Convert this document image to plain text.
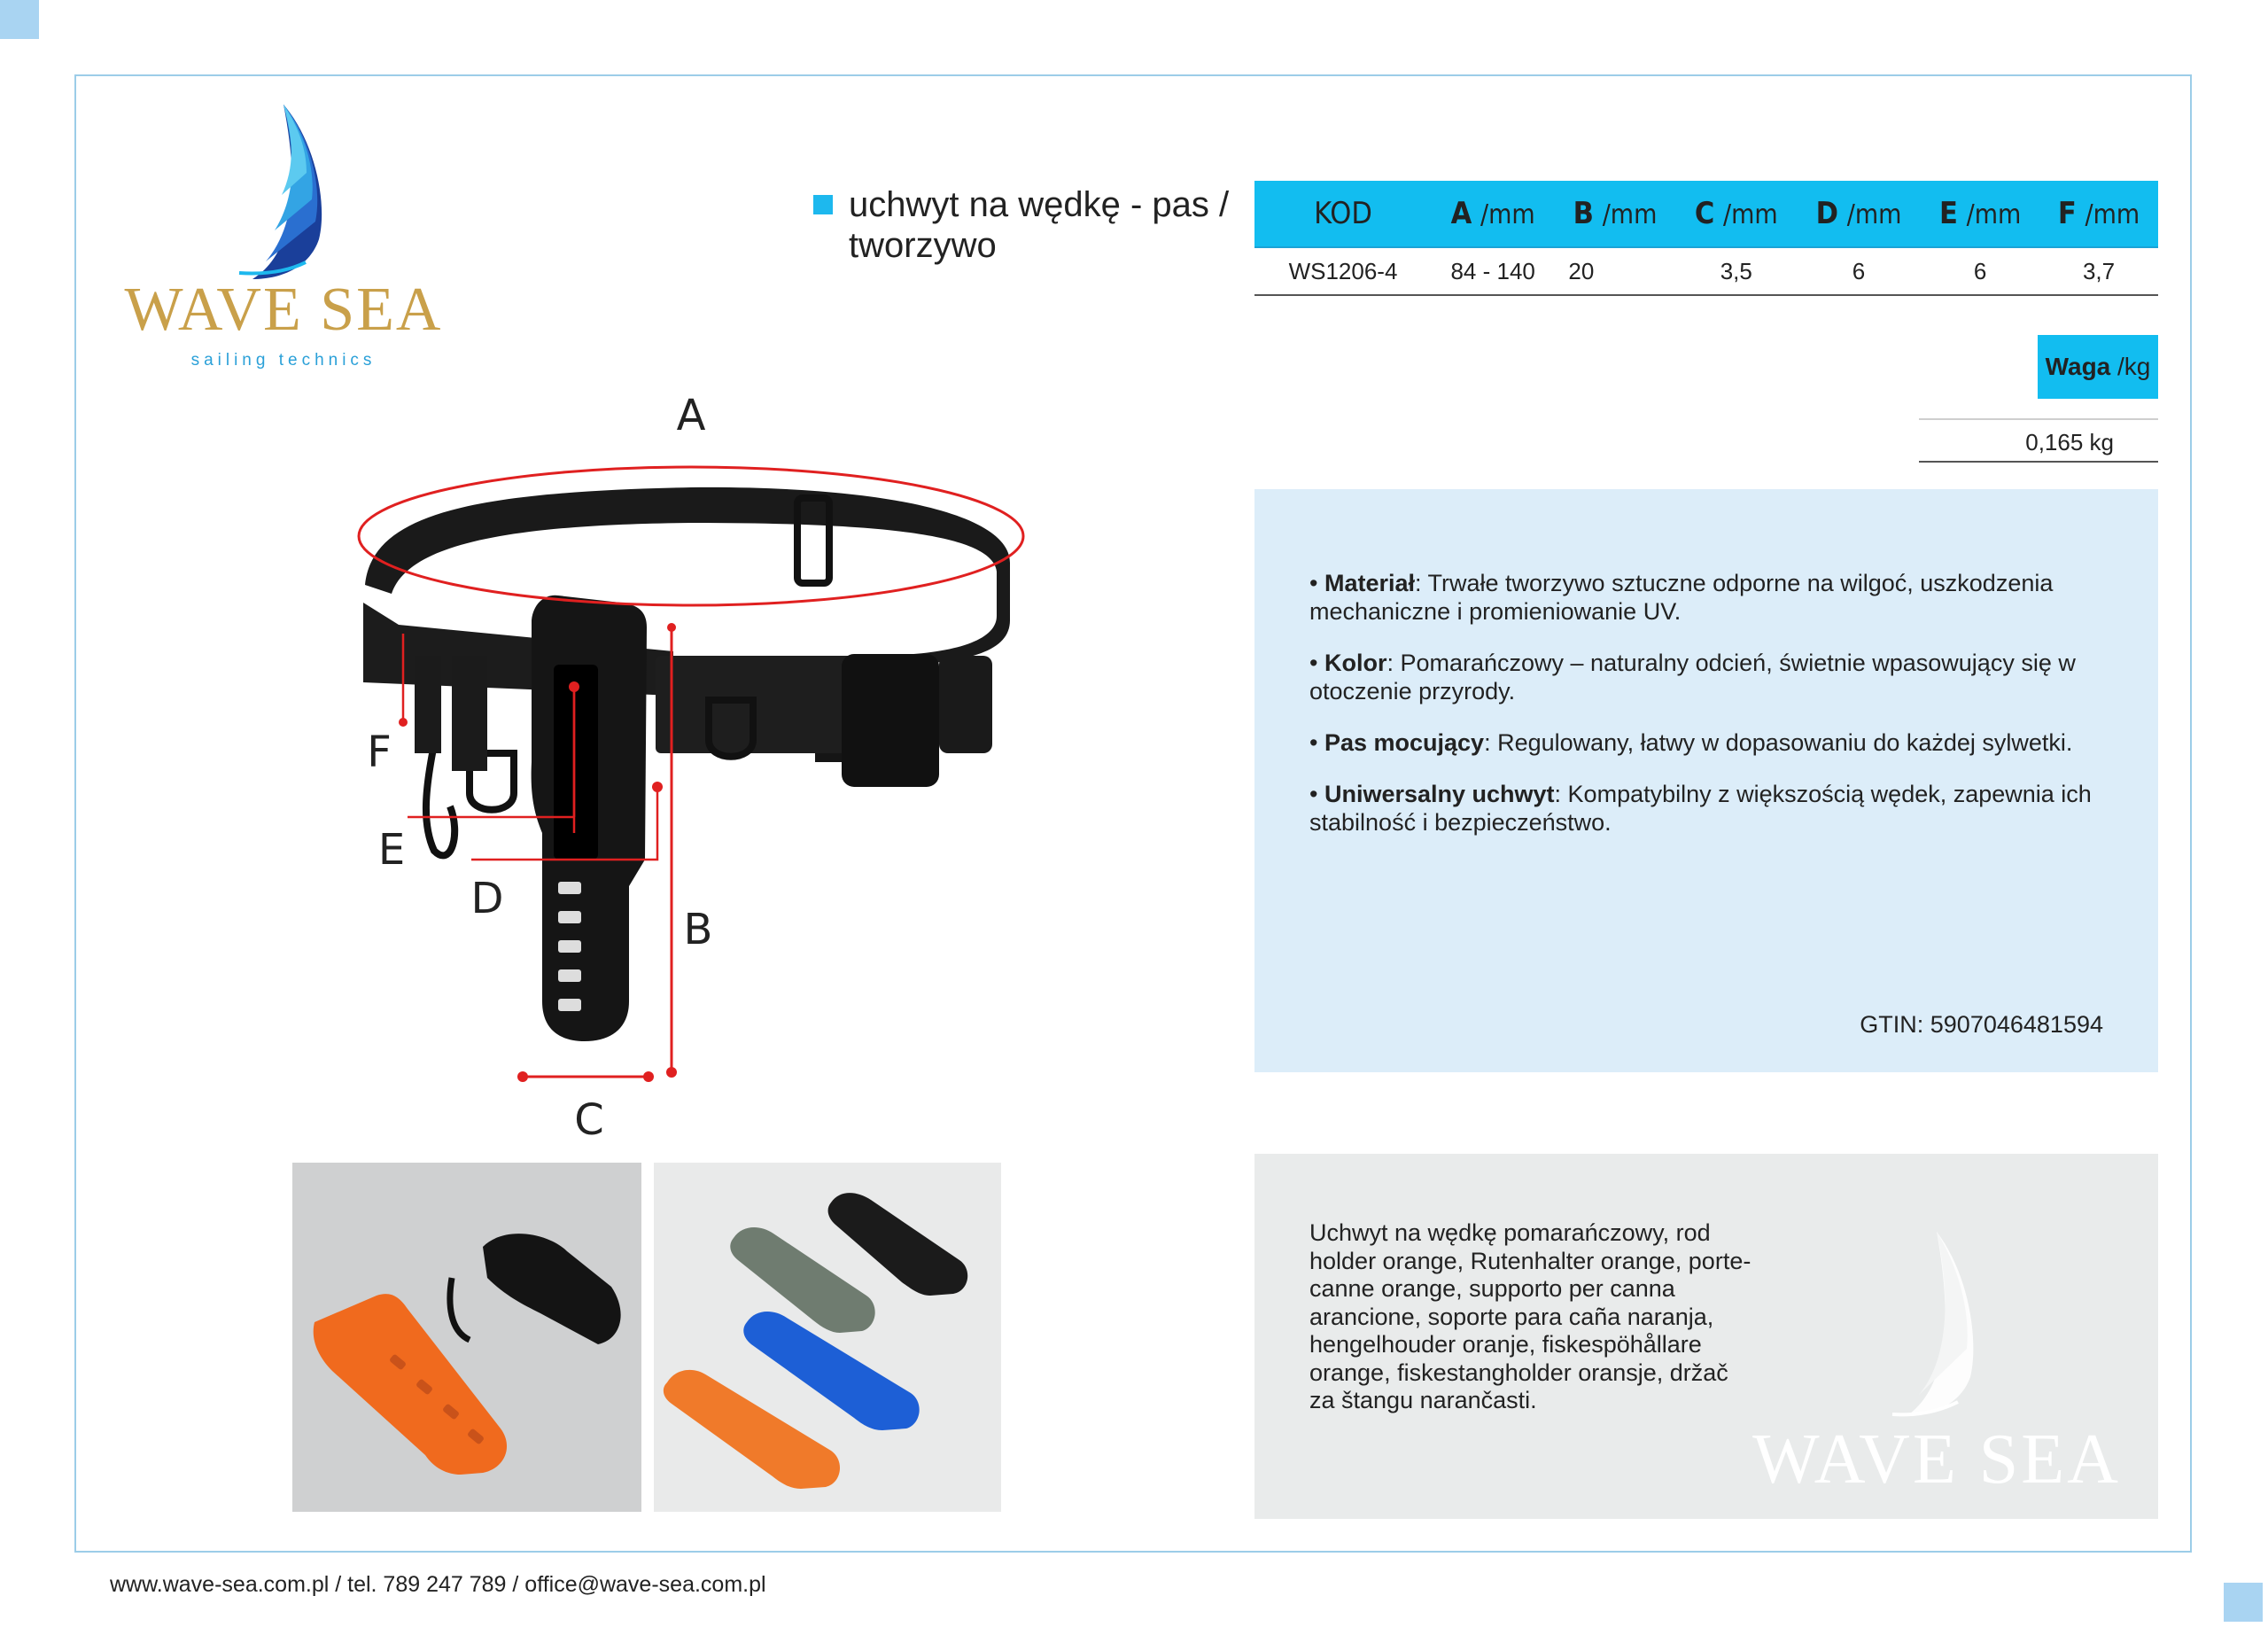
WAVE SEA
sailing technics
uchwyt na wędkę - pas / tworzywo
KOD	A /mm	B /mm	C /mm	D /mm	E /mm	F /mm
WS1206-4	84 - 140	20	3,5	6	6	3,7
Waga /kg
0,165 kg

• Materiał: Trwałe tworzywo sztuczne odporne na wilgoć, uszkodzenia mechaniczne i promieniowanie UV.

• Kolor: Pomarańczowy – naturalny odcień, świetnie wpasowujący się w otoczenie przyrody.

• Pas mocujący: Regulowany, łatwy w dopasowaniu do każdej sylwetki.

• Uniwersalny uchwyt: Kompatybilny z większością wędek, zapewnia ich stabilność i bezpieczeństwo.

GTIN: 5907046481594
Uchwyt na wędkę pomarańczowy, rod holder orange, Rutenhalter orange, porte-canne orange, supporto per canna arancione, soporte para caña naranja, hengelhouder oranje, fiskespöhållare orange, fiskestangholder oransje, držač za štangu narančasti.
WAVE SEA
A
B
C
D
E
F
www.wave-sea.com.pl / tel. 789 247 789 / office@wave-sea.com.pl
